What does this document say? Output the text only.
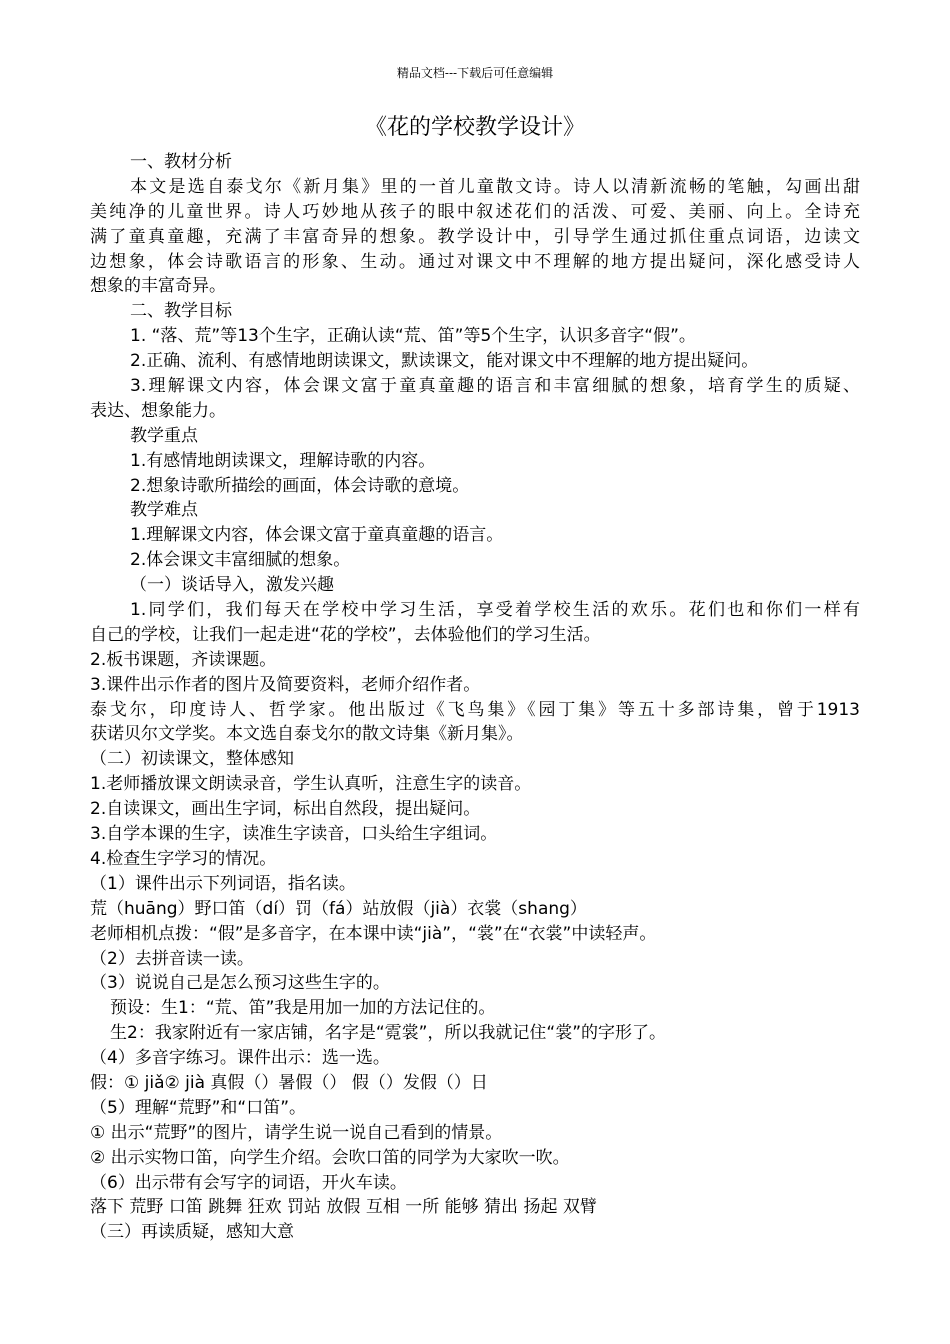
精品文档---下载后可任意编辑
《花的学校教学设计》
一、教材分析
本文是选自泰戈尔《新月集》里的一首儿童散文诗。诗人以清新流畅的笔触，勾画出甜
美纯净的儿童世界。诗人巧妙地从孩子的眼中叙述花们的活泼、可爱、美丽、向上。全诗充
满了童真童趣，充满了丰富奇异的想象。教学设计中，引导学生通过抓住重点词语，边读文
边想象，体会诗歌语言的形象、生动。通过对课文中不理解的地方提出疑问，深化感受诗人
想象的丰富奇异。
二、教学目标
1. “落、荒”等13个生字，正确认读“荒、笛”等5个生字，认识多音字“假”。
2.正确、流利、有感情地朗读课文，默读课文，能对课文中不理解的地方提出疑问。
3.理解课文内容，体会课文富于童真童趣的语言和丰富细腻的想象，培育学生的质疑、
表达、想象能力。
教学重点
1.有感情地朗读课文，理解诗歌的内容。
2.想象诗歌所描绘的画面，体会诗歌的意境。
教学难点
1.理解课文内容，体会课文富于童真童趣的语言。
2.体会课文丰富细腻的想象。
（一）谈话导入，激发兴趣
1.同学们，我们每天在学校中学习生活，享受着学校生活的欢乐。花们也和你们一样有
自己的学校，让我们一起走进“花的学校”，去体验他们的学习生活。
2.板书课题，齐读课题。
3.课件出示作者的图片及简要资料，老师介绍作者。
泰戈尔，印度诗人、哲学家。他出版过《飞鸟集》《园丁集》等五十多部诗集，曾于1913
获诺贝尔文学奖。本文选自泰戈尔的散文诗集《新月集》。
（二）初读课文，整体感知
1.老师播放课文朗读录音，学生认真听，注意生字的读音。
2.自读课文，画出生字词，标出自然段，提出疑问。
3.自学本课的生字，读准生字读音，口头给生字组词。
4.检查生字学习的情况。
（1）课件出示下列词语，指名读。
荒（huāng）野口笛（dí）罚（fá）站放假（jià）衣裳（shang）
老师相机点拨：“假”是多音字，在本课中读“jià”，“裳”在“衣裳”中读轻声。
（2）去拼音读一读。
（3）说说自己是怎么预习这些生字的。
预设：生1：“荒、笛”我是用加一加的方法记住的。
生2：我家附近有一家店铺，名字是“霓裳”，所以我就记住“裳”的字形了。
（4）多音字练习。课件出示：选一选。
假：① jiǎ② jià 真假（）暑假（） 假（）发假（）日
（5）理解“荒野”和“口笛”。
① 出示“荒野”的图片，请学生说一说自己看到的情景。
② 出示实物口笛，向学生介绍。会吹口笛的同学为大家吹一吹。
（6）出示带有会写字的词语，开火车读。
落下 荒野 口笛 跳舞 狂欢 罚站 放假 互相 一所 能够 猜出 扬起 双臂
（三）再读质疑，感知大意
